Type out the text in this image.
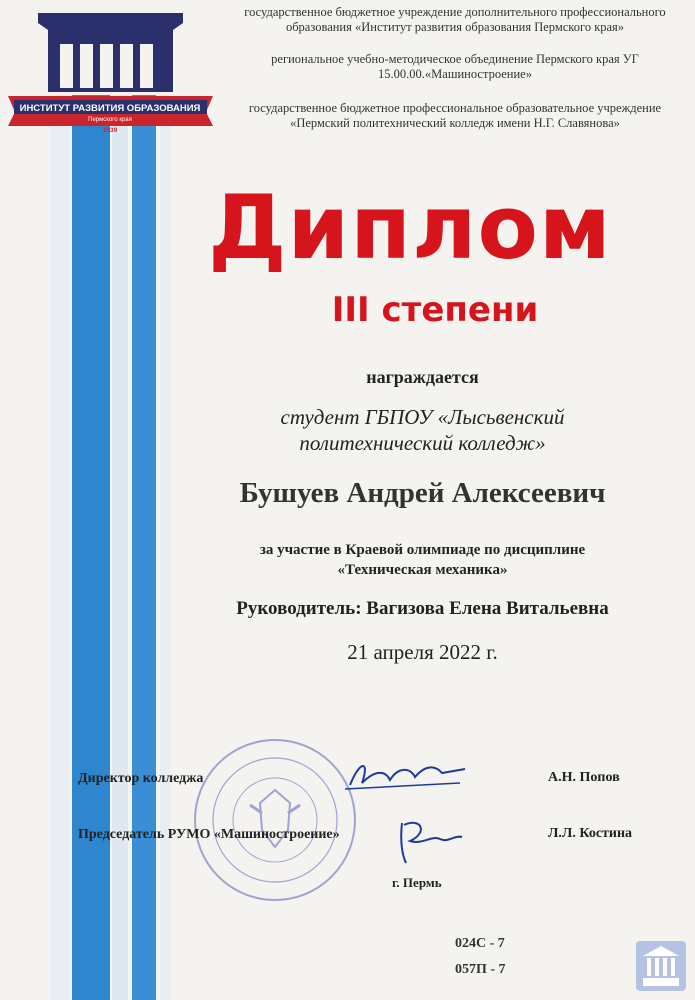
ИНСТИТУТ РАЗВИТИЯ ОБРАЗОВАНИЯ
Пермского края
1939
государственное бюджетное учреждение дополнительного профессионального образования «Институт развития образования Пермского края»
региональное учебно-методическое объединение Пермского края УГ 15.00.00.«Машиностроение»
государственное бюджетное профессиональное образовательное учреждение «Пермский политехнический колледж имени Н.Г. Славянова»
Диплом
III степени
награждается
студент ГБПОУ «Лысьвенский политехнический колледж»
Бушуев Андрей Алексеевич
за участие в Краевой олимпиаде по дисциплине «Техническая механика»
Руководитель: Вагизова Елена Витальевна
21 апреля 2022 г.
Директор колледжа	А.Н. Попов
Председатель РУМО «Машиностроение»	Л.Л. Костина
г. Пермь
024С - 7
057П - 7
